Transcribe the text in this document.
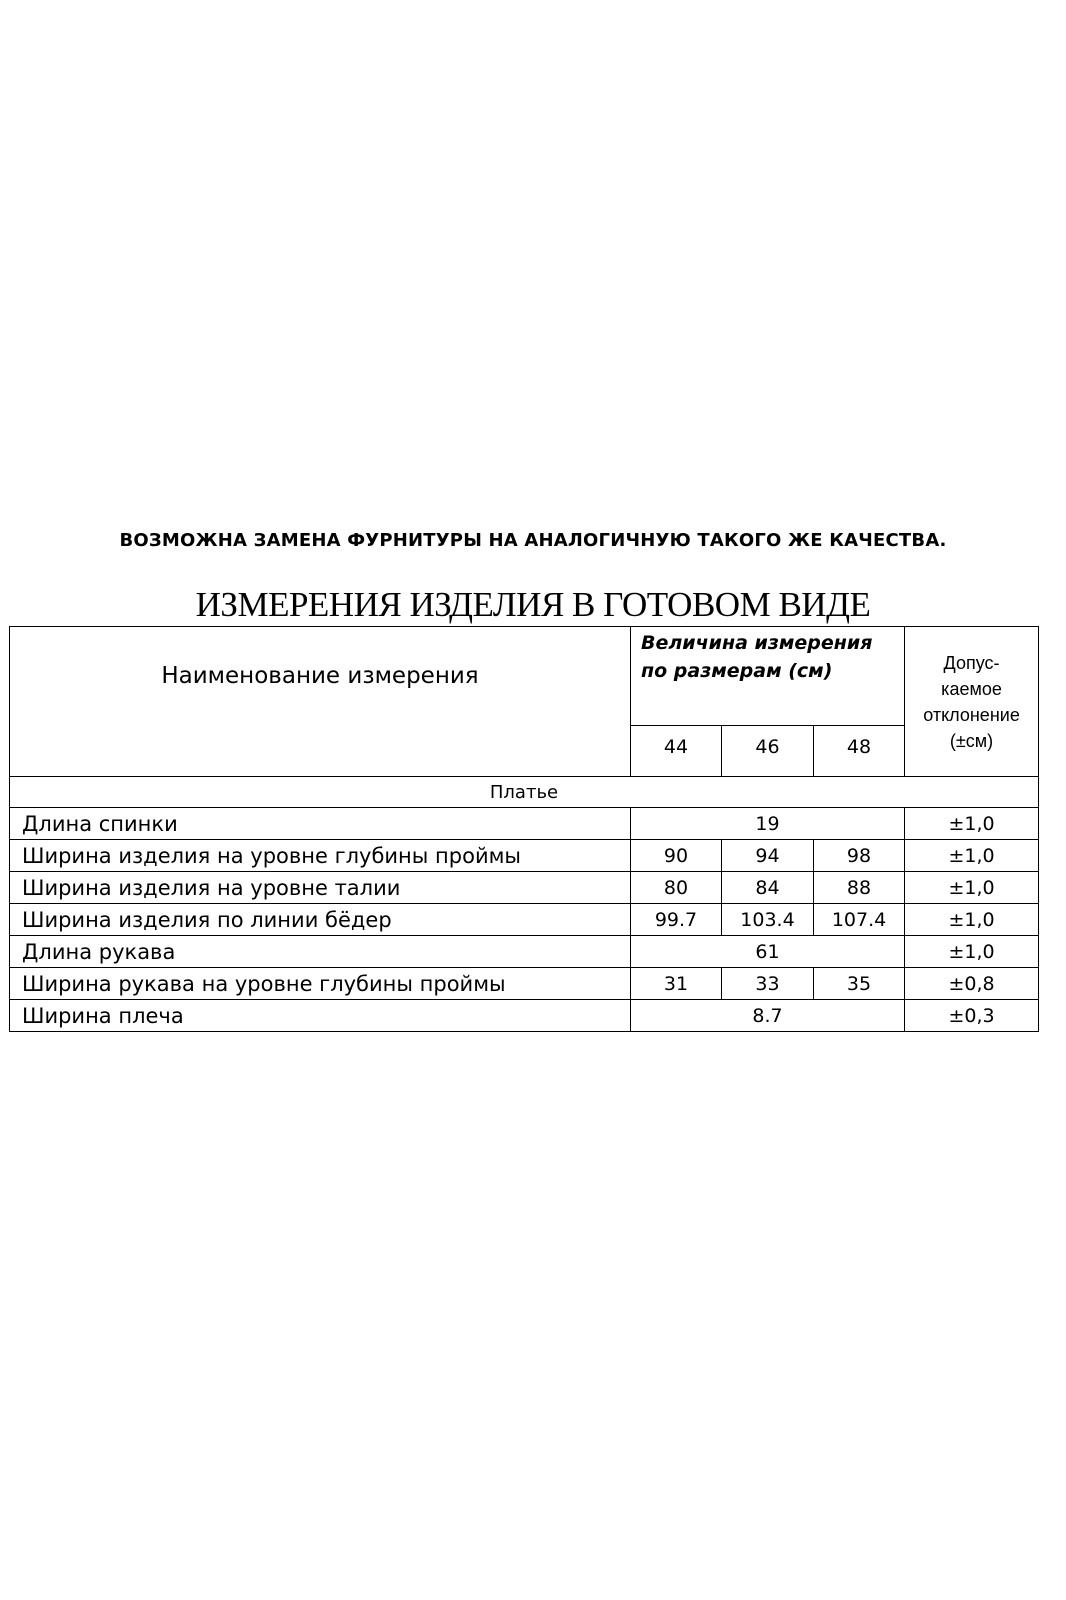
ВОЗМОЖНА ЗАМЕНА ФУРНИТУРЫ НА АНАЛОГИЧНУЮ ТАКОГО ЖЕ КАЧЕСТВА.
ИЗМЕРЕНИЯ ИЗДЕЛИЯ В ГОТОВОМ ВИДЕ
Наименование измерения	Величина измерения по размерам (см)			Допус-
каемое
отклонение
(±см)

	44	46	48	
Платье				
Длина спинки	19			±1,0
Ширина изделия на уровне глубины проймы	90	94	98	±1,0
Ширина изделия на уровне талии	80	84	88	±1,0
Ширина изделия по линии бёдер	99.7	103.4	107.4	±1,0
Длина рукава	61			±1,0
Ширина рукава на уровне глубины проймы	31	33	35	±0,8
Ширина плеча	8.7			±0,3
